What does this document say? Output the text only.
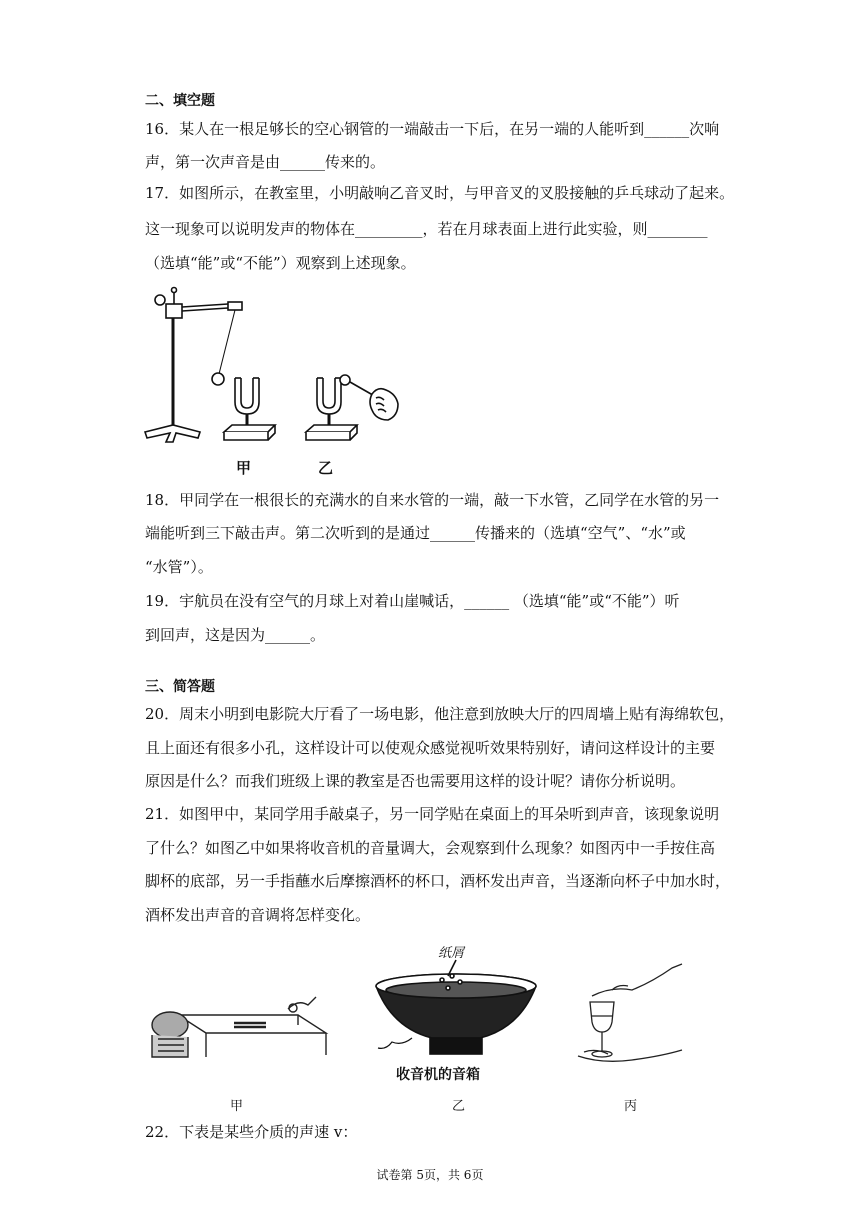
二、填空题
16．某人在一根足够长的空心钢管的一端敲击一下后，在另一端的人能听到______次响
声，第一次声音是由______传来的。
17．如图所示，在教室里，小明敲响乙音叉时，与甲音叉的叉股接触的乒乓球动了起来。
这一现象可以说明发声的物体在_________，若在月球表面上进行此实验，则________
（选填“能”或“不能”）观察到上述现象。
甲	乙
18．甲同学在一根很长的充满水的自来水管的一端，敲一下水管，乙同学在水管的另一
端能听到三下敲击声。第二次听到的是通过______传播来的（选填“空气”、“水”或
“水管”）。
19．宇航员在没有空气的月球上对着山崖喊话，______ （选填“能”或“不能”）听
到回声，这是因为______。
三、简答题
20．周末小明到电影院大厅看了一场电影，他注意到放映大厅的四周墙上贴有海绵软包，
且上面还有很多小孔，这样设计可以使观众感觉视听效果特别好，请问这样设计的主要
原因是什么？而我们班级上课的教室是否也需要用这样的设计呢？请你分析说明。
21．如图甲中，某同学用手敲桌子，另一同学贴在桌面上的耳朵听到声音，该现象说明
了什么？如图乙中如果将收音机的音量调大，会观察到什么现象？如图丙中一手按住高
脚杯的底部，另一手指蘸水后摩擦酒杯的杯口，酒杯发出声音，当逐渐向杯子中加水时，
酒杯发出声音的音调将怎样变化。
甲
纸屑
收音机的音箱
乙	丙
22．下表是某些介质的声速 v：
试卷第 5页，共 6页
